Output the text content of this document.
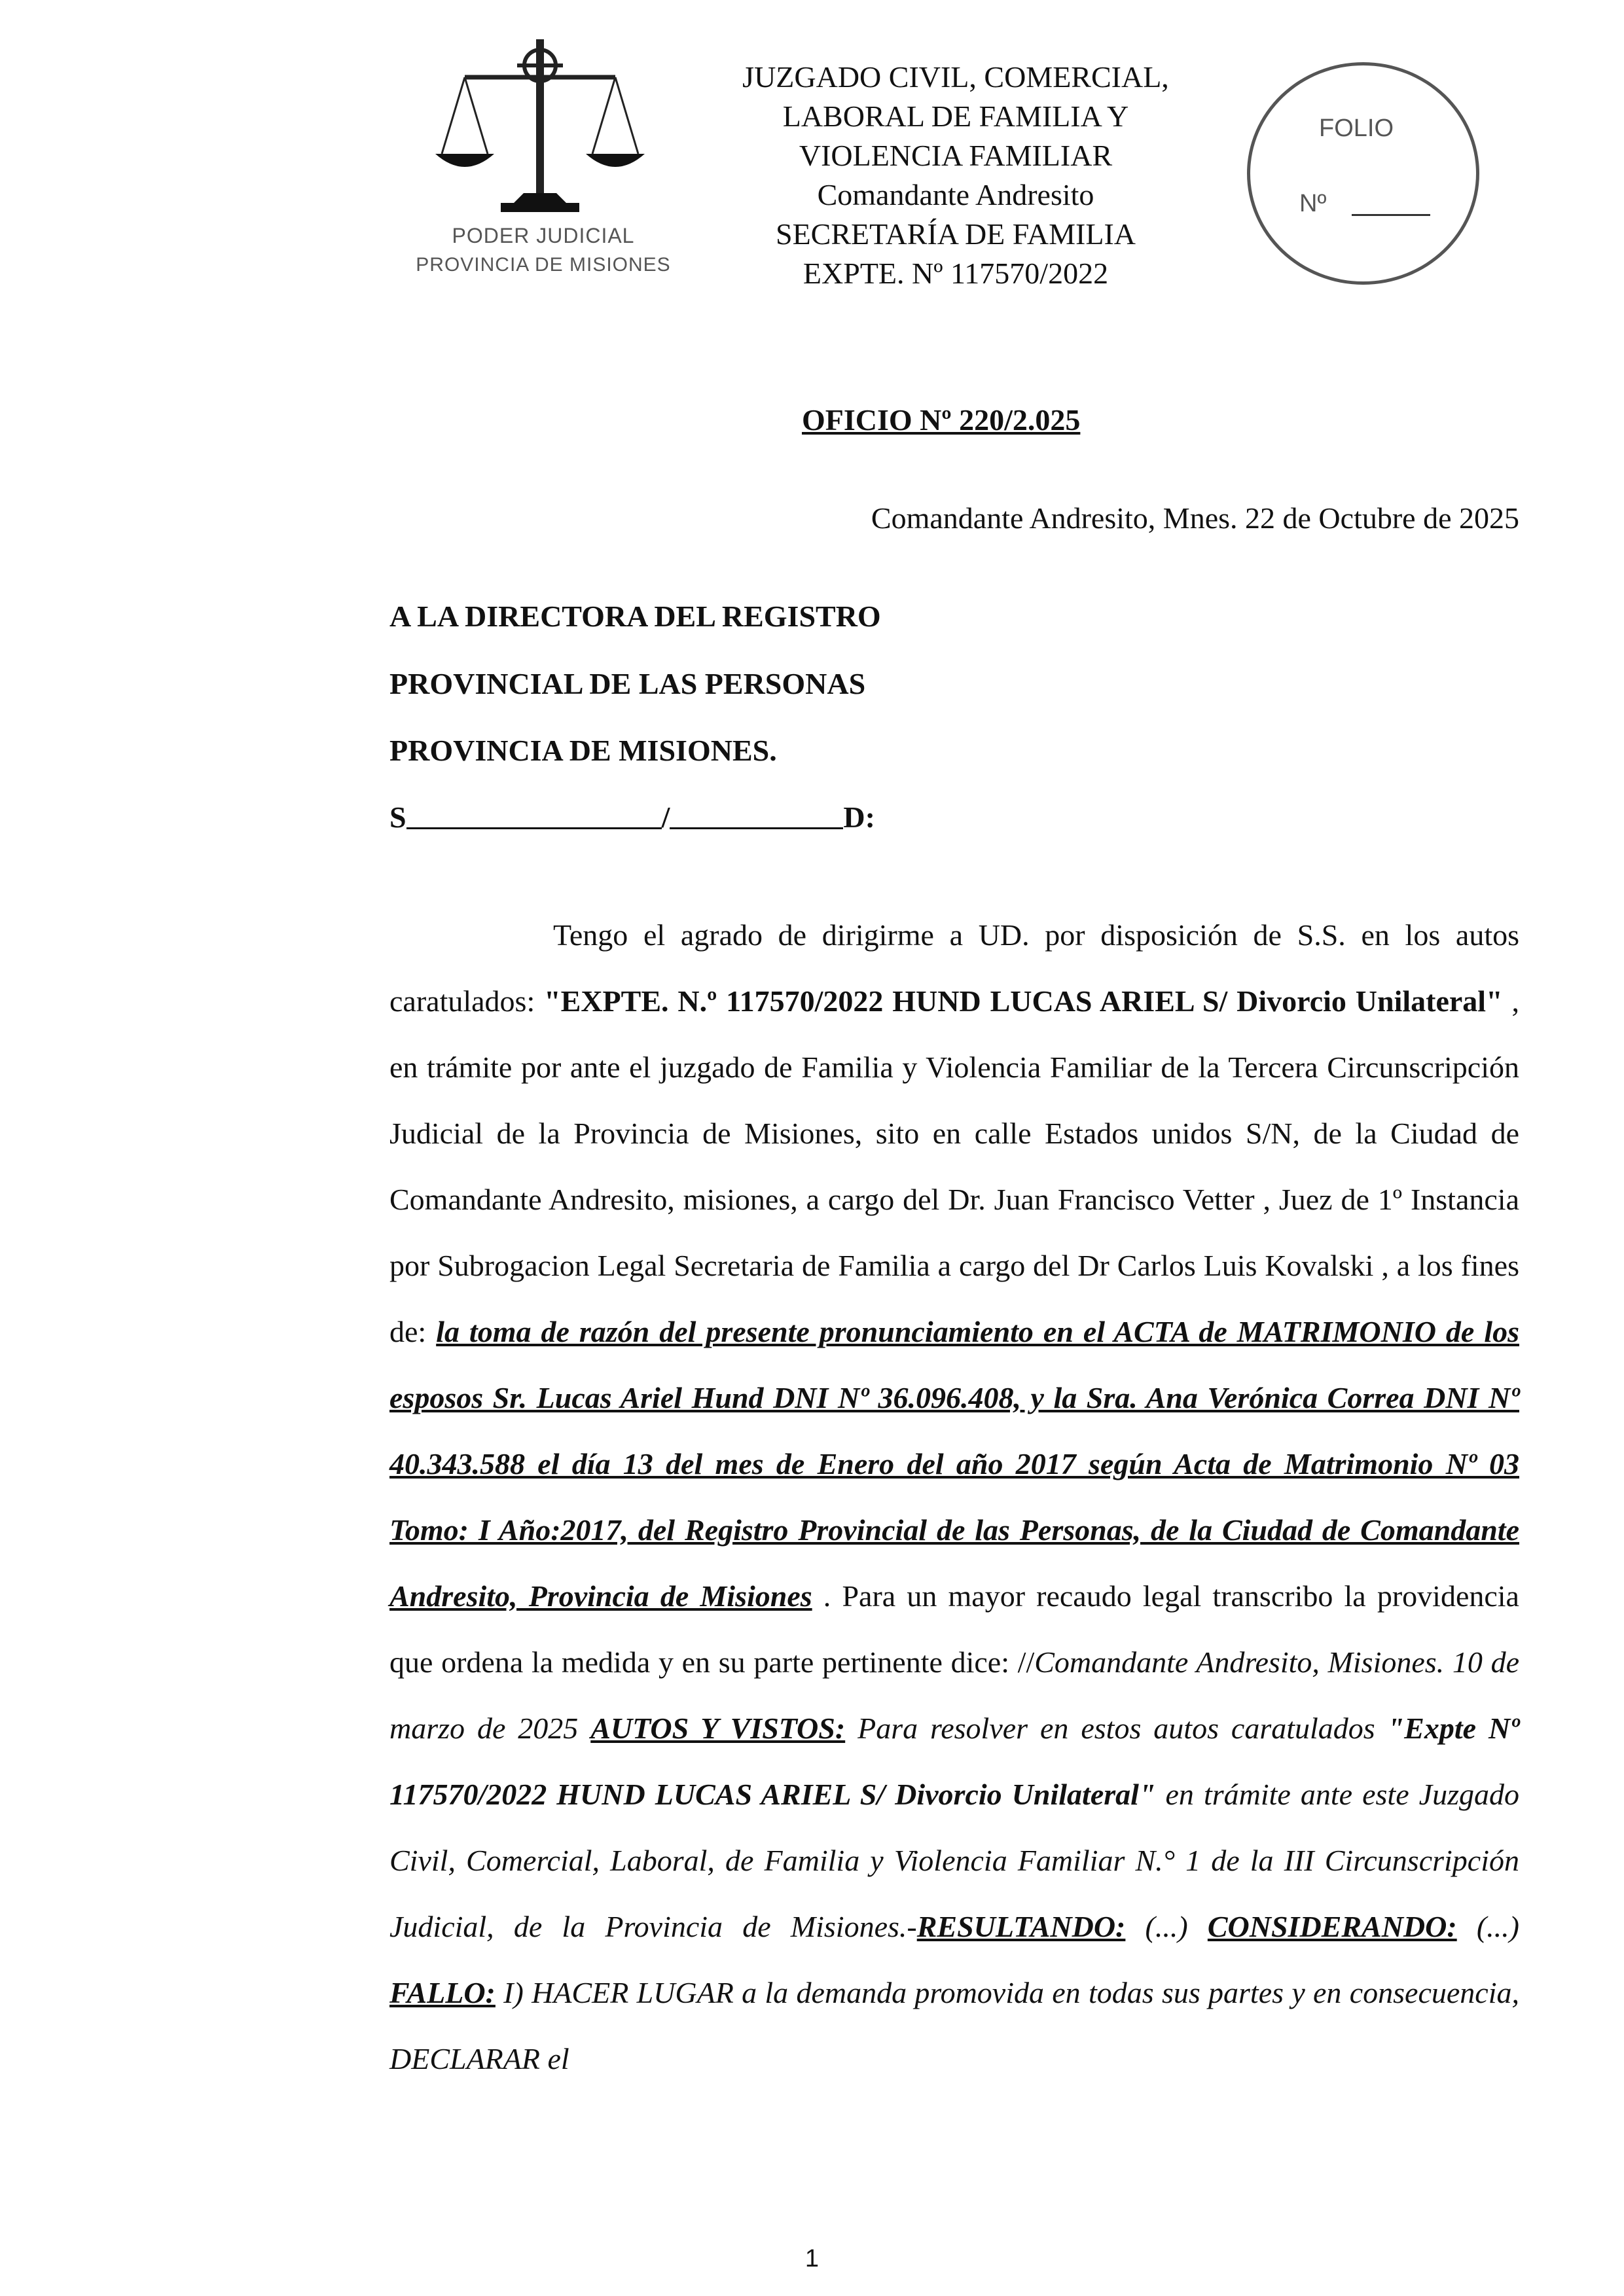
PODER JUDICIAL
PROVINCIA DE MISIONES
JUZGADO CIVIL, COMERCIAL,
LABORAL DE FAMILIA Y
VIOLENCIA FAMILIAR
Comandante Andresito
SECRETARÍA DE FAMILIA
EXPTE. Nº 117570/2022
FOLIO
Nº
OFICIO Nº 220/2.025
Comandante Andresito, Mnes. 22 de Octubre de 2025
A LA DIRECTORA DEL REGISTRO
PROVINCIAL DE LAS PERSONAS
PROVINCIA DE MISIONES.
S	/	D:

Tengo el agrado de dirigirme a UD. por disposición de S.S. en los autos caratulados: "EXPTE. N.º 117570/2022 HUND LUCAS ARIEL S/ Divorcio Unilateral" , en trámite por ante el juzgado de Familia y Violencia Familiar de la Tercera Circunscripción Judicial de la Provincia de Misiones, sito en calle Estados unidos S/N, de la Ciudad de Comandante Andresito, misiones, a cargo del Dr. Juan Francisco Vetter , Juez de 1º Instancia por Subrogacion Legal Secretaria de Familia a cargo del Dr Carlos Luis Kovalski , a los fines de: la toma de razón del presente pronunciamiento en el ACTA de MATRIMONIO de los esposos Sr. Lucas Ariel Hund DNI Nº 36.096.408, y la Sra. Ana Verónica Correa DNI Nº 40.343.588 el día 13 del mes de Enero del año 2017 según Acta de Matrimonio Nº 03 Tomo: I Año:2017, del Registro Provincial de las Personas, de la Ciudad de Comandante Andresito, Provincia de Misiones . Para un mayor recaudo legal transcribo la providencia que ordena la medida y en su parte pertinente dice: //Comandante Andresito, Misiones. 10 de marzo de 2025 AUTOS Y VISTOS: Para resolver en estos autos caratulados "Expte Nº 117570/2022 HUND LUCAS ARIEL S/ Divorcio Unilateral" en trámite ante este Juzgado Civil, Comercial, Laboral, de Familia y Violencia Familiar N.° 1 de la III Circunscripción Judicial, de la Provincia de Misiones.-RESULTANDO: (...) CONSIDERANDO: (...) FALLO: I) HACER LUGAR a la demanda promovida en todas sus partes y en consecuencia, DECLARAR el

1
